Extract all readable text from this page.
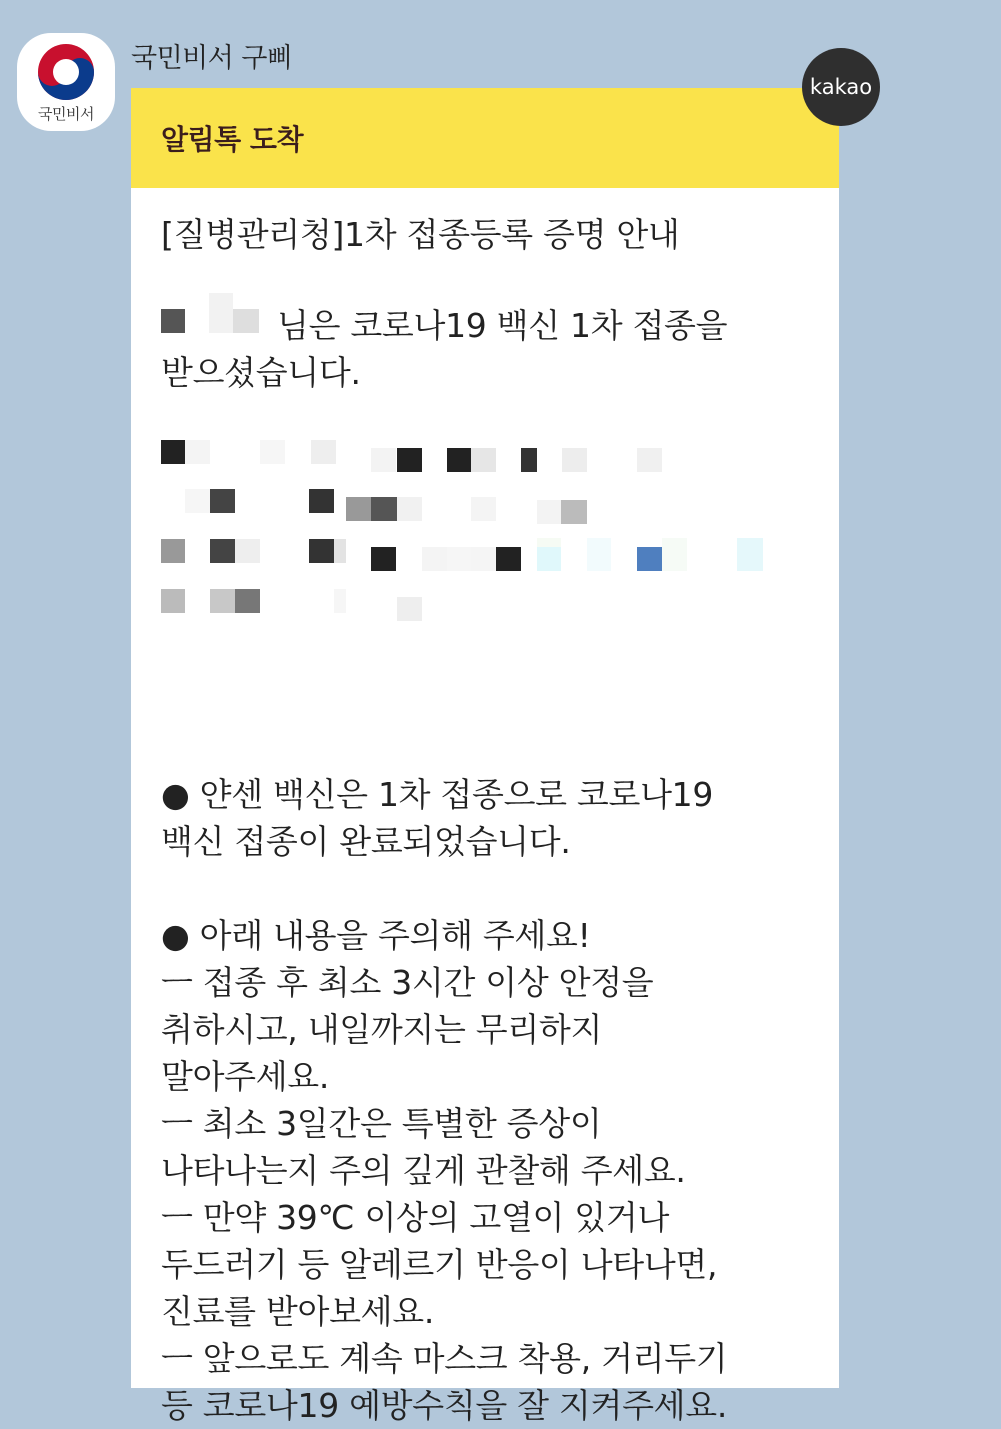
국민비서
국민비서 구삐
kakao
알림톡 도착
[질병관리청]1차 접종등록 증명 안내
님은 코로나19 백신 1차 접종을
받으셨습니다.
● 얀센 백신은 1차 접종으로 코로나19
백신 접종이 완료되었습니다.
● 아래 내용을 주의해 주세요!
ㅡ 접종 후 최소 3시간 이상 안정을
취하시고, 내일까지는 무리하지
말아주세요.
ㅡ 최소 3일간은 특별한 증상이
나타나는지 주의 깊게 관찰해 주세요.
ㅡ 만약 39℃ 이상의 고열이 있거나
두드러기 등 알레르기 반응이 나타나면,
진료를 받아보세요.
ㅡ 앞으로도 계속 마스크 착용, 거리두기
등 코로나19 예방수칙을 잘 지켜주세요.
